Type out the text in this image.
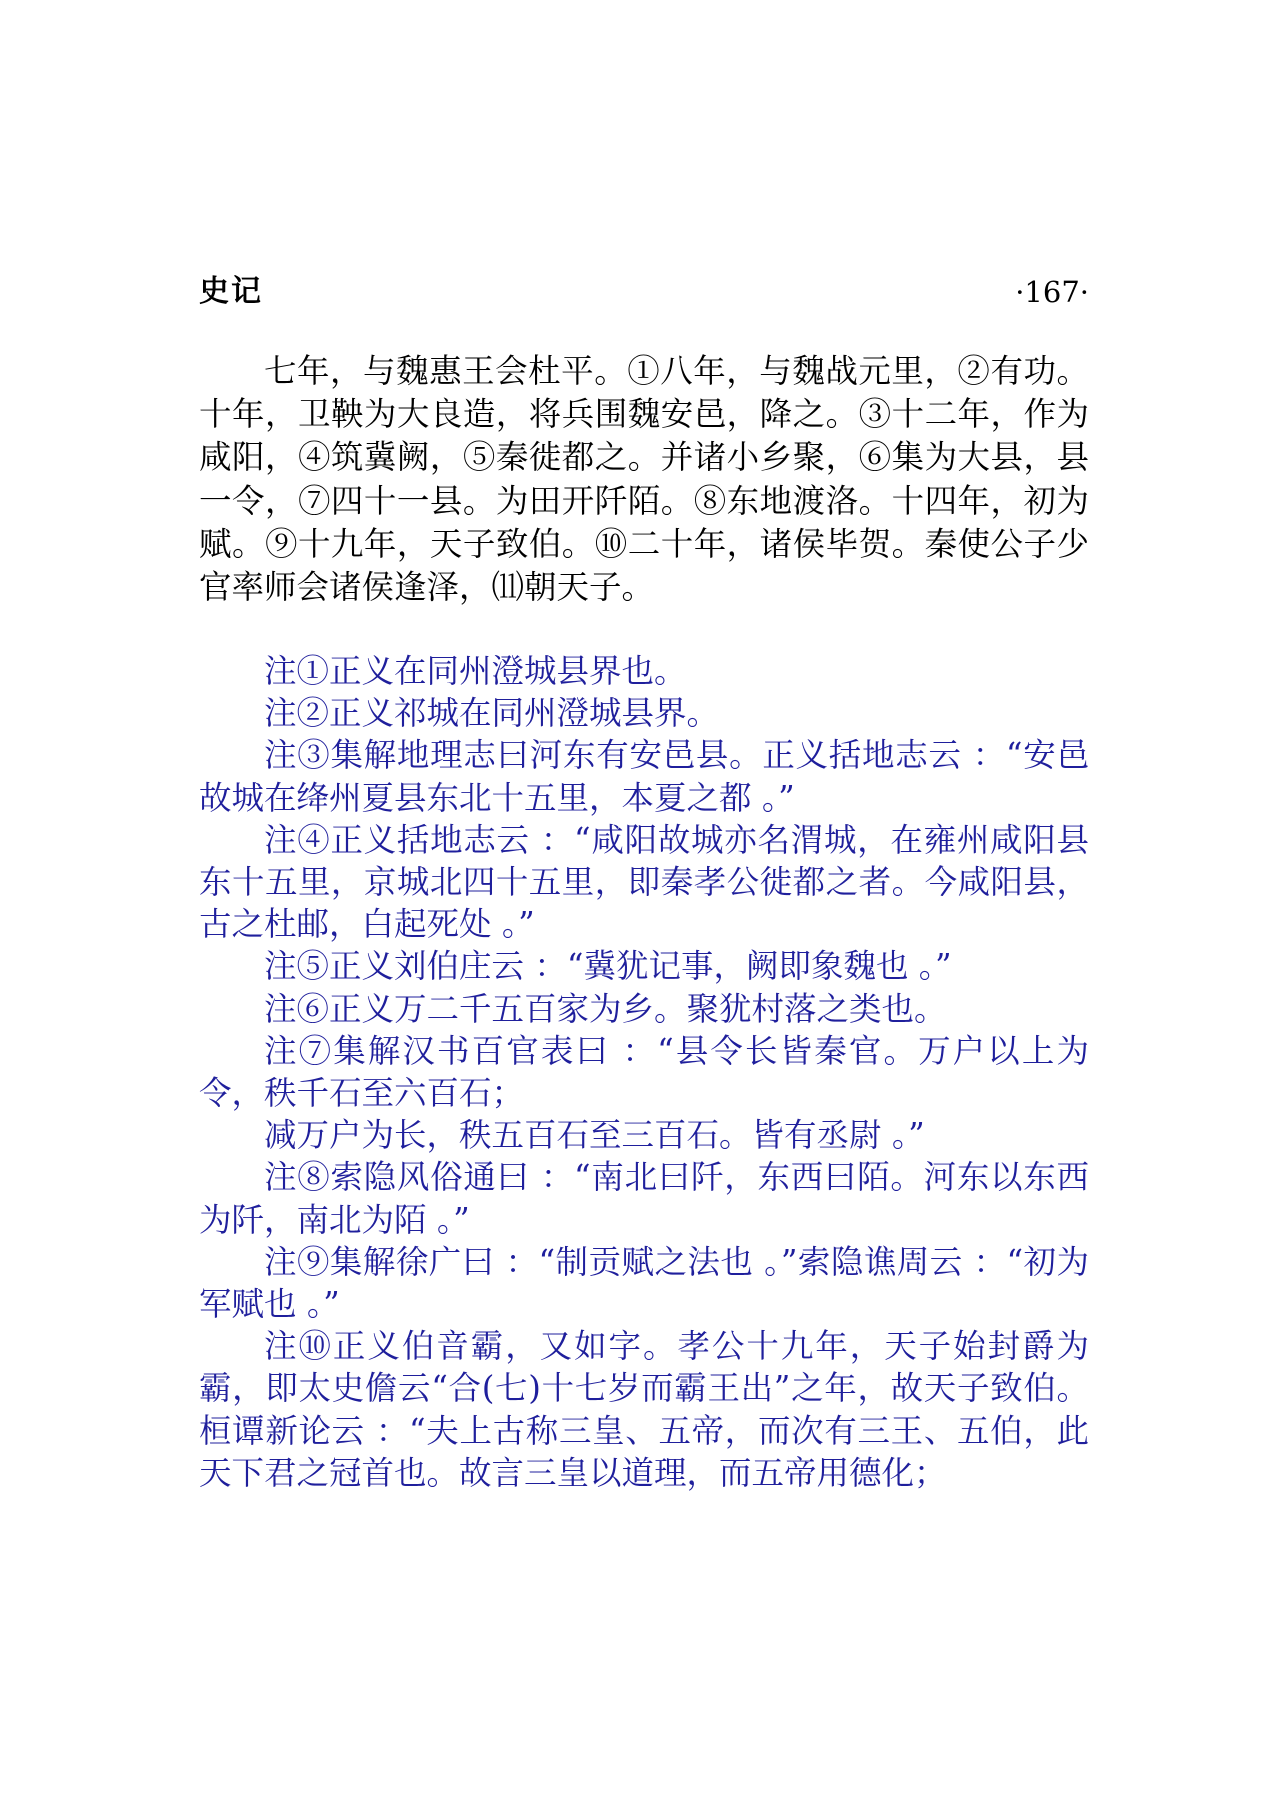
史记	·167·

七年，与魏惠王会杜平。①八年，与魏战元里，②有功。十年，卫鞅为大良造，将兵围魏安邑，降之。③十二年，作为咸阳，④筑冀阙，⑤秦徙都之。并诸小乡聚，⑥集为大县，县一令，⑦四十一县。为田开阡陌。⑧东地渡洛。十四年，初为赋。⑨十九年，天子致伯。⑩二十年，诸侯毕贺。秦使公子少官率师会诸侯逢泽，⑾朝天子。

注①正义在同州澄城县界也。

注②正义祁城在同州澄城县界。

注③集解地理志曰河东有安邑县。正义括地志云 ：“安邑故城在绛州夏县东北十五里，本夏之都 。”

注④正义括地志云 ：“咸阳故城亦名渭城，在雍州咸阳县东十五里，京城北四十五里，即秦孝公徙都之者。今咸阳县，古之杜邮，白起死处 。”

注⑤正义刘伯庄云 ：“冀犹记事，阙即象魏也 。”

注⑥正义万二千五百家为乡。聚犹村落之类也。

注⑦集解汉书百官表曰 ：“县令长皆秦官。万户以上为令，秩千石至六百石；

减万户为长，秩五百石至三百石。皆有丞尉 。”

注⑧索隐风俗通曰 ：“南北曰阡，东西曰陌。河东以东西为阡，南北为陌 。”

注⑨集解徐广曰 ：“制贡赋之法也 。”索隐谯周云 ：“初为军赋也 。”

注⑩正义伯音霸，又如字。孝公十九年，天子始封爵为霸，即太史儋云“合(七)十七岁而霸王出”之年，故天子致伯。桓谭新论云 ：“夫上古称三皇、五帝，而次有三王、五伯，此天下君之冠首也。故言三皇以道理，而五帝用德化；
